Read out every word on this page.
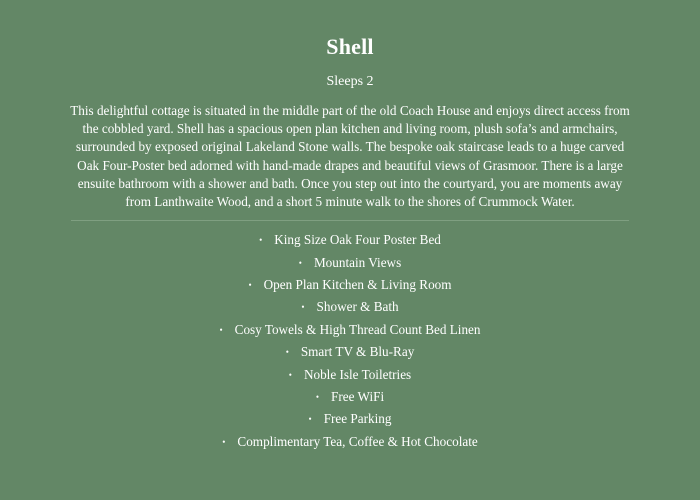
Shell

Sleeps 2

This delightful cottage is situated in the middle part of the old Coach House and enjoys direct access from the cobbled yard. Shell has a spacious open plan kitchen and living room, plush sofa’s and armchairs, surrounded by exposed original Lakeland Stone walls. The bespoke oak staircase leads to a huge carved Oak Four-Poster bed adorned with hand-made drapes and beautiful views of Grasmoor. There is a large ensuite bathroom with a shower and bath. Once you step out into the courtyard, you are moments away from Lanthwaite Wood, and a short 5 minute walk to the shores of Crummock Water.

• King Size Oak Four Poster Bed
• Mountain Views
• Open Plan Kitchen & Living Room
• Shower & Bath
• Cosy Towels & High Thread Count Bed Linen
• Smart TV & Blu-Ray
• Noble Isle Toiletries
• Free WiFi
• Free Parking
• Complimentary Tea, Coffee & Hot Chocolate
